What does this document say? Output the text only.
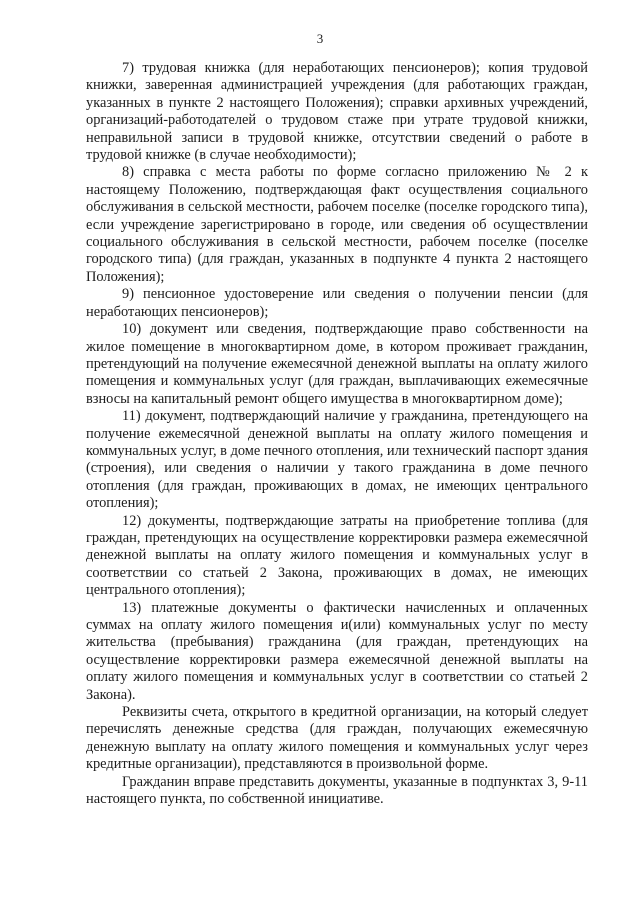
3

7) трудовая книжка (для неработающих пенсионеров); копия трудовой книжки, заверенная администрацией учреждения (для работающих граждан, указанных в пункте 2 настоящего Положения); справки архивных учреждений, организаций-работодателей о трудовом стаже при утрате трудовой книжки, неправильной записи в трудовой книжке, отсутствии сведений о работе в трудовой книжке (в случае необходимости);

8) справка с места работы по форме согласно приложению № 2 к настоящему Положению, подтверждающая факт осуществления социального обслуживания в сельской местности, рабочем поселке (поселке городского типа), если учреждение зарегистрировано в городе, или сведения об осуществлении социального обслуживания в сельской местности, рабочем поселке (поселке городского типа) (для граждан, указанных в подпункте 4 пункта 2 настоящего Положения);

9) пенсионное удостоверение или сведения о получении пенсии (для неработающих пенсионеров);

10) документ или сведения, подтверждающие право собственности на жилое помещение в многоквартирном доме, в котором проживает гражданин, претендующий на получение ежемесячной денежной выплаты на оплату жилого помещения и коммунальных услуг (для граждан, выплачивающих ежемесячные взносы на капитальный ремонт общего имущества в многоквартирном доме);

11) документ, подтверждающий наличие у гражданина, претендующего на получение ежемесячной денежной выплаты на оплату жилого помещения и коммунальных услуг, в доме печного отопления, или технический паспорт здания (строения), или сведения о наличии у такого гражданина в доме печного отопления (для граждан, проживающих в домах, не имеющих центрального отопления);

12) документы, подтверждающие затраты на приобретение топлива (для граждан, претендующих на осуществление корректировки размера ежемесячной денежной выплаты на оплату жилого помещения и коммунальных услуг в соответствии со статьей 2 Закона, проживающих в домах, не имеющих центрального отопления);

13) платежные документы о фактически начисленных и оплаченных суммах на оплату жилого помещения и(или) коммунальных услуг по месту жительства (пребывания) гражданина (для граждан, претендующих на осуществление корректировки размера ежемесячной денежной выплаты на оплату жилого помещения и коммунальных услуг в соответствии со статьей 2 Закона).

Реквизиты счета, открытого в кредитной организации, на который следует перечислять денежные средства (для граждан, получающих ежемесячную денежную выплату на оплату жилого помещения и коммунальных услуг через кредитные организации), представляются в произвольной форме.

Гражданин вправе представить документы, указанные в подпунктах 3, 9-11 настоящего пункта, по собственной инициативе.
